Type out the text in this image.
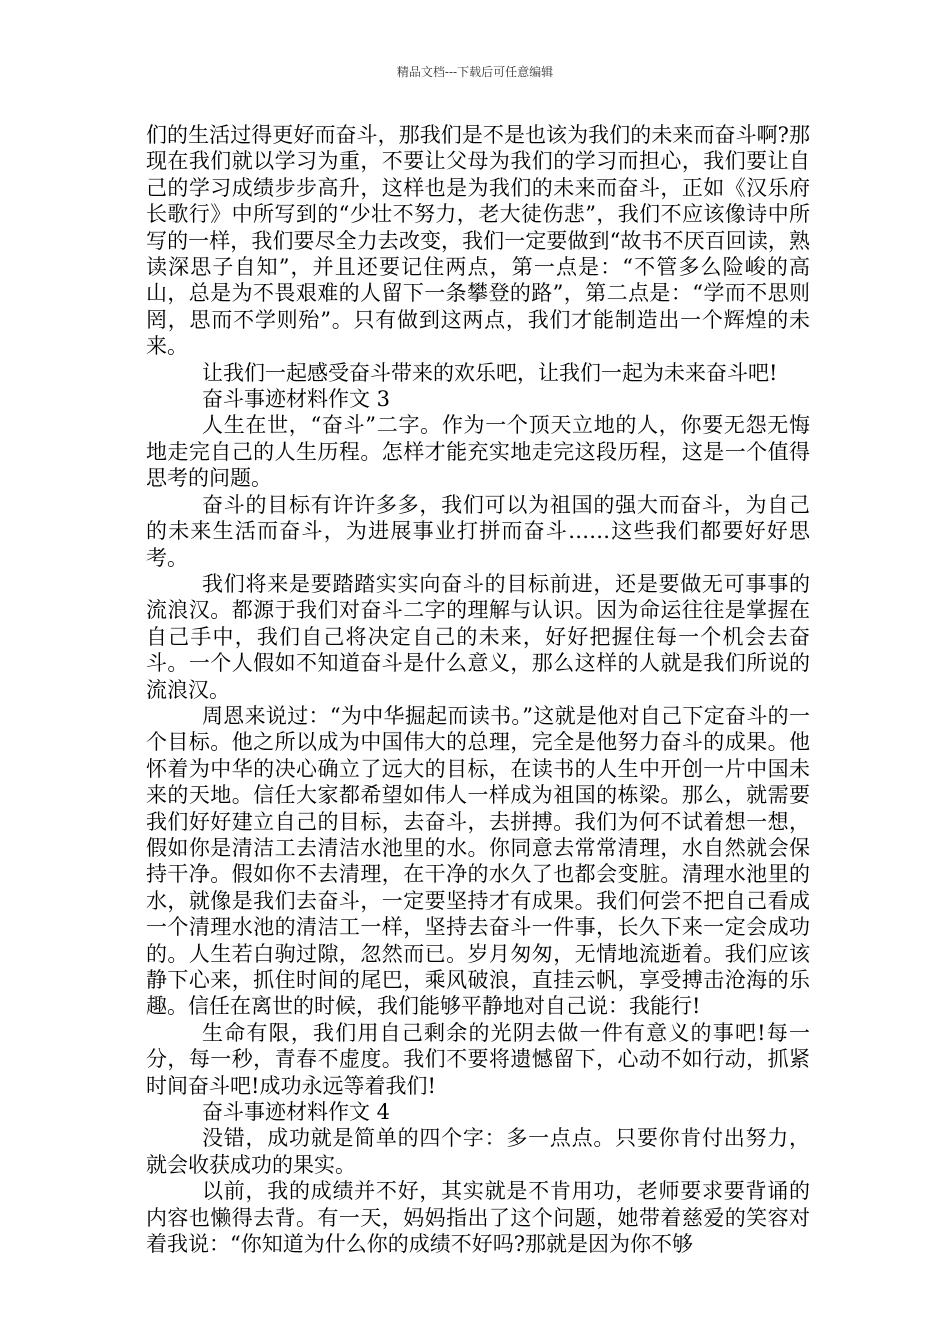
精品文档---下载后可任意编辑

们的生活过得更好而奋斗，那我们是不是也该为我们的未来而奋斗啊?那现在我们就以学习为重，不要让父母为我们的学习而担心，我们要让自己的学习成绩步步高升，这样也是为我们的未来而奋斗，正如《汉乐府长歌行》中所写到的“少壮不努力，老大徒伤悲”，我们不应该像诗中所写的一样，我们要尽全力去改变，我们一定要做到“故书不厌百回读，熟读深思子自知”，并且还要记住两点，第一点是：“不管多么险峻的高山，总是为不畏艰难的人留下一条攀登的路”，第二点是：“学而不思则罔，思而不学则殆”。只有做到这两点，我们才能制造出一个辉煌的未来。

让我们一起感受奋斗带来的欢乐吧，让我们一起为未来奋斗吧!

奋斗事迹材料作文 3

人生在世，“奋斗”二字。作为一个顶天立地的人，你要无怨无悔地走完自己的人生历程。怎样才能充实地走完这段历程，这是一个值得思考的问题。

奋斗的目标有许许多多，我们可以为祖国的强大而奋斗，为自己的未来生活而奋斗，为进展事业打拼而奋斗……这些我们都要好好思考。

我们将来是要踏踏实实向奋斗的目标前进，还是要做无可事事的流浪汉。都源于我们对奋斗二字的理解与认识。因为命运往往是掌握在自己手中，我们自己将决定自己的未来，好好把握住每一个机会去奋斗。一个人假如不知道奋斗是什么意义，那么这样的人就是我们所说的流浪汉。

周恩来说过：“为中华掘起而读书。”这就是他对自己下定奋斗的一个目标。他之所以成为中国伟大的总理，完全是他努力奋斗的成果。他怀着为中华的决心确立了远大的目标，在读书的人生中开创一片中国未来的天地。信任大家都希望如伟人一样成为祖国的栋梁。那么，就需要我们好好建立自己的目标，去奋斗，去拼搏。我们为何不试着想一想，假如你是清洁工去清洁水池里的水。你同意去常常清理，水自然就会保持干净。假如你不去清理，在干净的水久了也都会变脏。清理水池里的水，就像是我们去奋斗，一定要坚持才有成果。我们何尝不把自己看成一个清理水池的清洁工一样，坚持去奋斗一件事，长久下来一定会成功的。人生若白驹过隙，忽然而已。岁月匆匆，无情地流逝着。我们应该静下心来，抓住时间的尾巴，乘风破浪，直挂云帆，享受搏击沧海的乐趣。信任在离世的时候，我们能够平静地对自己说：我能行!

生命有限，我们用自己剩余的光阴去做一件有意义的事吧!每一分，每一秒，青春不虚度。我们不要将遗憾留下，心动不如行动，抓紧时间奋斗吧!成功永远等着我们!

奋斗事迹材料作文 4

没错，成功就是简单的四个字：多一点点。只要你肯付出努力，就会收获成功的果实。

以前，我的成绩并不好，其实就是不肯用功，老师要求要背诵的内容也懒得去背。有一天，妈妈指出了这个问题，她带着慈爱的笑容对着我说：“你知道为什么你的成绩不好吗?那就是因为你不够
